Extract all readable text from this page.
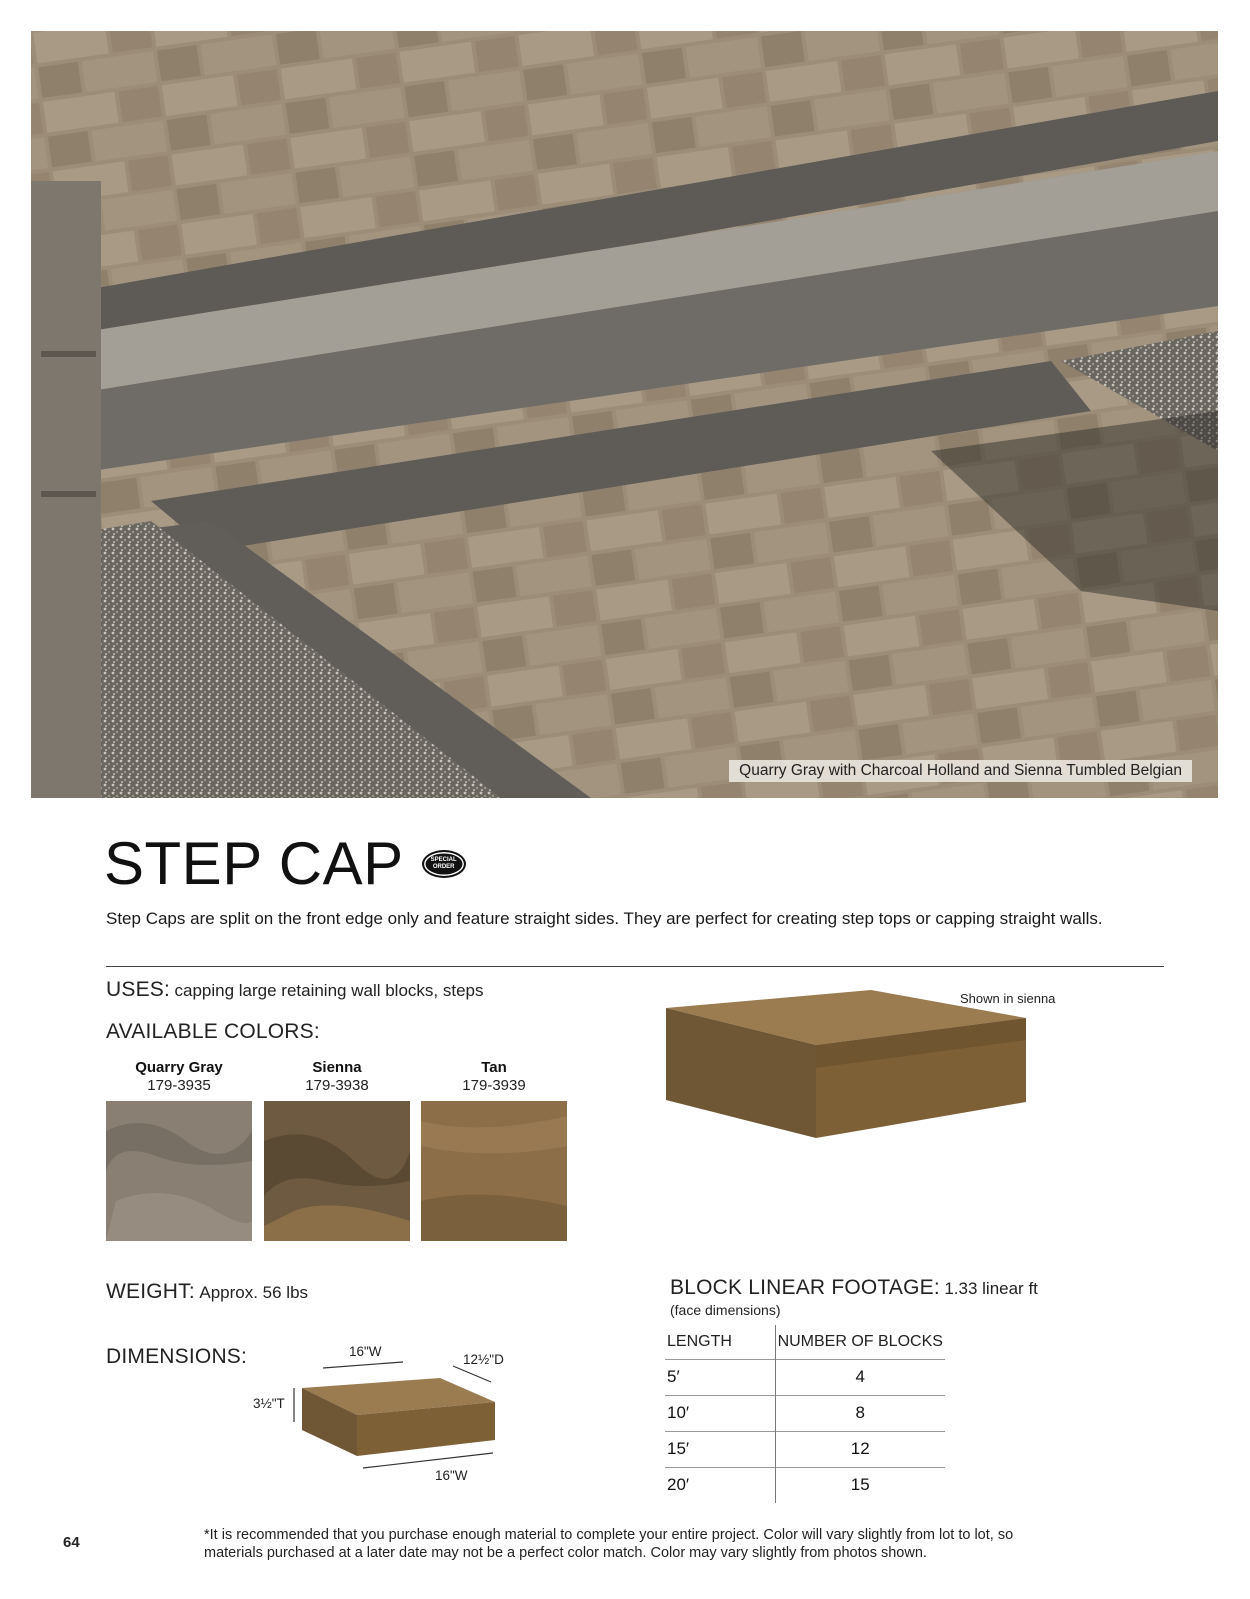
Quarry Gray with Charcoal Holland and Sienna Tumbled Belgian
STEP CAP	SPECIAL
ORDER

Step Caps are split on the front edge only and feature straight sides. They are perfect for creating step tops or capping straight walls.

USES: capping large retaining wall blocks, steps
AVAILABLE COLORS:
Quarry Gray
179-3935
Sienna
179-3938
Tan
179-3939
Shown in sienna
WEIGHT: Approx. 56 lbs
DIMENSIONS:	16"W
12½"D
3½"T
16"W
BLOCK LINEAR FOOTAGE: 1.33 linear ft
(face dimensions)
LENGTH	NUMBER OF BLOCKS
5′	4
10′	8
15′	12
20′	15
64	*It is recommended that you purchase enough material to complete your entire project. Color will vary slightly from lot to lot, so materials purchased at a later date may not be a perfect color match. Color may vary slightly from photos shown.
